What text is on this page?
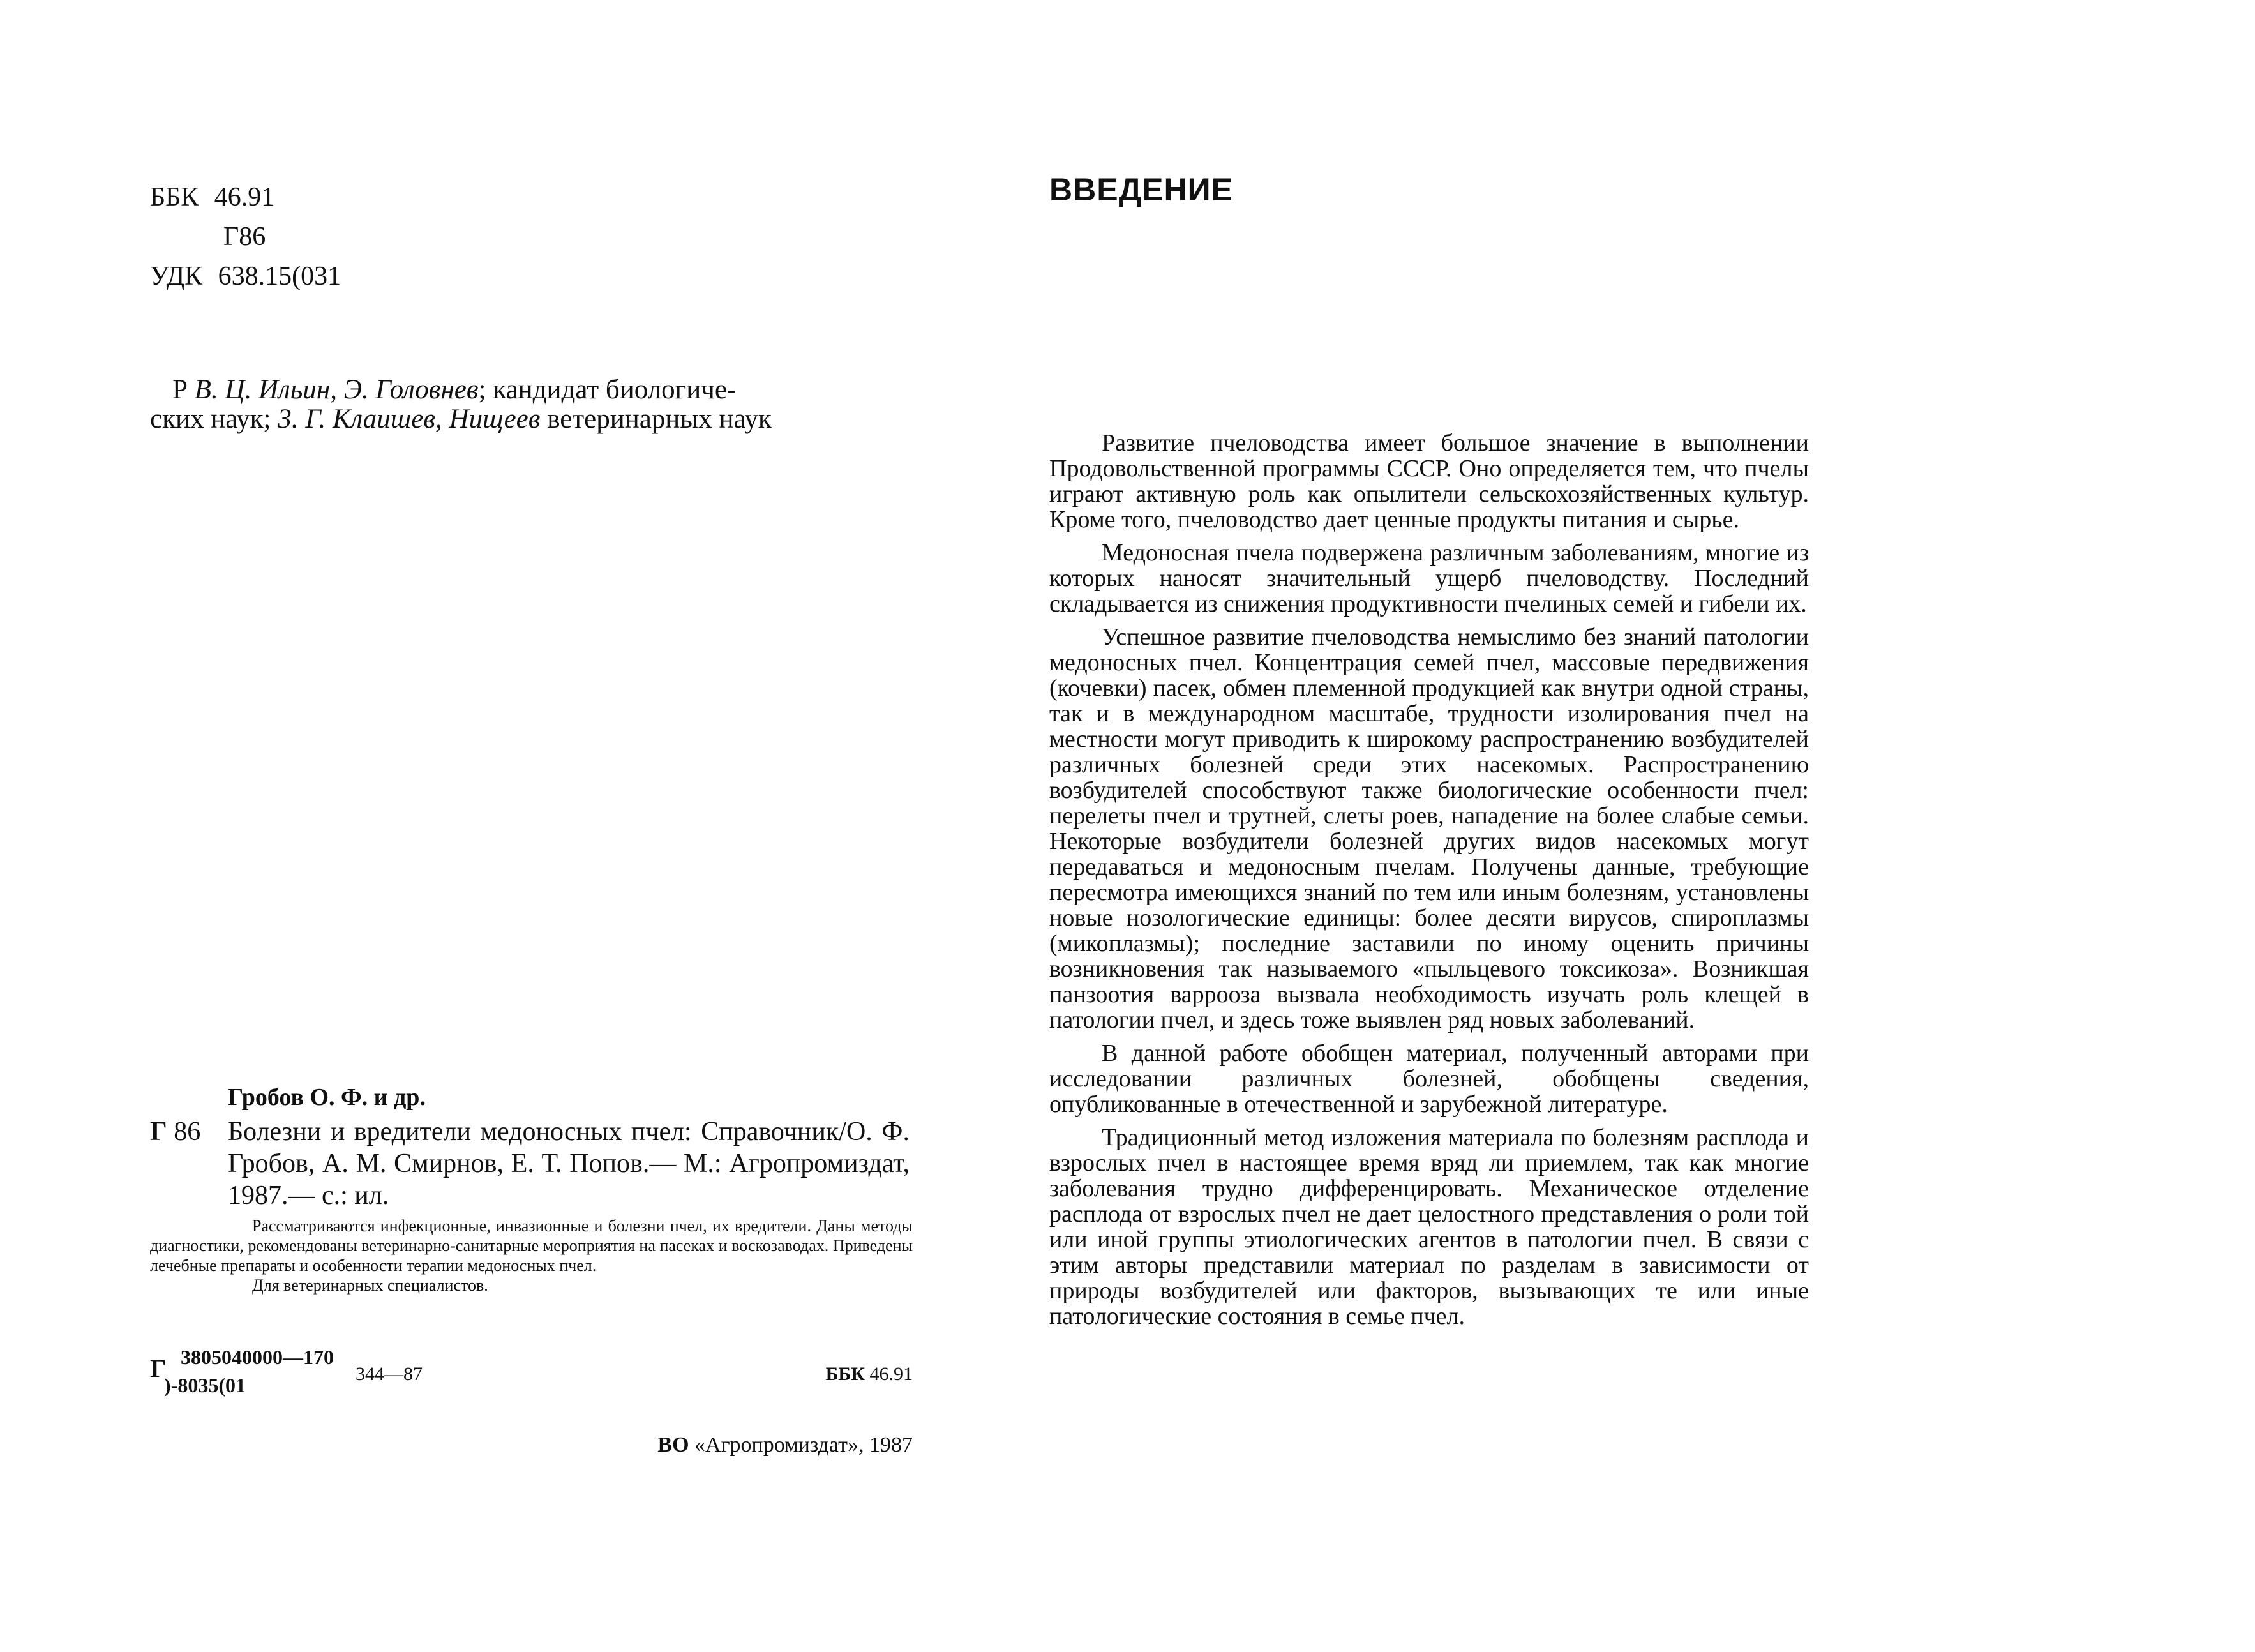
ББК 46.91
Г86
УДК 638.15(031

Р В. Ц. Ильин, Э. Головнев; кандидат биологиче-

ских наук; 3. Г. Клаишев, Нищеев ветеринарных наук

Гробов О. Ф. и др.
Г 86 Болезни и вредители медоносных пчел: Справочник/О. Ф. Гробов, А. М. Смирнов, Е. Т. Попов.— М.: Агропромиздат, 1987.— с.: ил.

Рассматриваются инфекционные, инвазионные и болезни пчел, их вредители. Даны методы диагностики, рекомендованы ветеринарно-санитарные мероприятия на пасеках и воскозаводах. Приведены лечебные препараты и особенности терапии медоносных пчел.

Для ветеринарных специалистов.

Г 3805040000—170
)-8035(01	344—87	ББК 46.91
ВО «Агропромиздат», 1987
ВВЕДЕНИЕ

Развитие пчеловодства имеет большое значение в выполнении Продовольственной программы СССР. Оно определяется тем, что пчелы играют активную роль как опылители сельскохозяйственных культур. Кроме того, пчеловодство дает ценные продукты питания и сырье.

Медоносная пчела подвержена различным заболеваниям, многие из которых наносят значительный ущерб пчеловодству. Последний складывается из снижения продуктивности пчелиных семей и гибели их.

Успешное развитие пчеловодства немыслимо без знаний патологии медоносных пчел. Концентрация семей пчел, массовые передвижения (кочевки) пасек, обмен племенной продукцией как внутри одной страны, так и в международном масштабе, трудности изолирования пчел на местности могут приводить к широкому распространению возбудителей различных болезней среди этих насекомых. Распространению возбудителей способствуют также биологические особенности пчел: перелеты пчел и трутней, слеты роев, нападение на более слабые семьи. Некоторые возбудители болезней других видов насекомых могут передаваться и медоносным пчелам. Получены данные, требующие пересмотра имеющихся знаний по тем или иным болезням, установлены новые нозологические единицы: более десяти вирусов, спироплазмы (микоплазмы); последние заставили по иному оценить причины возникновения так называемого «пыльцевого токсикоза». Возникшая панзоотия варрооза вызвала необходимость изучать роль клещей в патологии пчел, и здесь тоже выявлен ряд новых заболеваний.

В данной работе обобщен материал, полученный авторами при исследовании различных болезней, обобщены сведения, опубликованные в отечественной и зарубежной литературе.

Традиционный метод изложения материала по болезням расплода и взрослых пчел в настоящее время вряд ли приемлем, так как многие заболевания трудно дифференцировать. Механическое отделение расплода от взрослых пчел не дает целостного представления о роли той или иной группы этиологических агентов в патологии пчел. В связи с этим авторы представили материал по разделам в зависимости от природы возбудителей или факторов, вызывающих те или иные патологические состояния в семье пчел.
